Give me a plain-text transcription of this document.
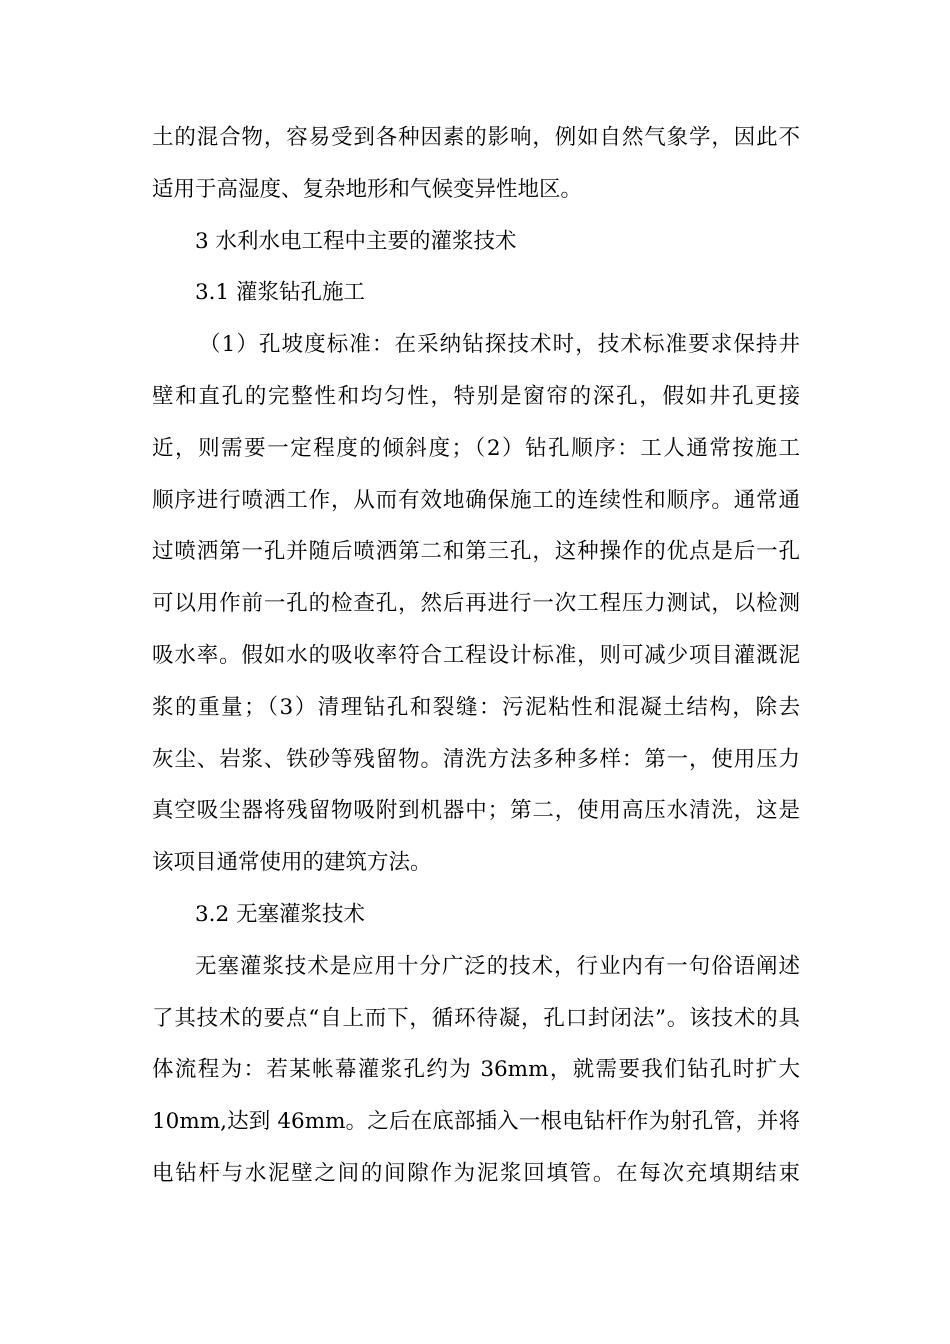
土的混合物，容易受到各种因素的影响，例如自然气象学，因此不
适用于高湿度、复杂地形和气候变异性地区。
3 水利水电工程中主要的灌浆技术
3.1 灌浆钻孔施工
（1）孔坡度标准：在采纳钻探技术时，技术标准要求保持井
壁和直孔的完整性和均匀性，特别是窗帘的深孔，假如井孔更接
近，则需要一定程度的倾斜度；（2）钻孔顺序：工人通常按施工
顺序进行喷洒工作，从而有效地确保施工的连续性和顺序。通常通
过喷洒第一孔并随后喷洒第二和第三孔，这种操作的优点是后一孔
可以用作前一孔的检查孔，然后再进行一次工程压力测试，以检测
吸水率。假如水的吸收率符合工程设计标准，则可减少项目灌溉泥
浆的重量；（3）清理钻孔和裂缝：污泥粘性和混凝土结构，除去
灰尘、岩浆、铁砂等残留物。清洗方法多种多样：第一，使用压力
真空吸尘器将残留物吸附到机器中；第二，使用高压水清洗，这是
该项目通常使用的建筑方法。
3.2 无塞灌浆技术
无塞灌浆技术是应用十分广泛的技术，行业内有一句俗语阐述
了其技术的要点“自上而下，循环待凝，孔口封闭法”。该技术的具
体流程为：若某帐幕灌浆孔约为 36mm，就需要我们钻孔时扩大
10mm,达到 46mm。之后在底部插入一根电钻杆作为射孔管，并将
电钻杆与水泥壁之间的间隙作为泥浆回填管。在每次充填期结束
